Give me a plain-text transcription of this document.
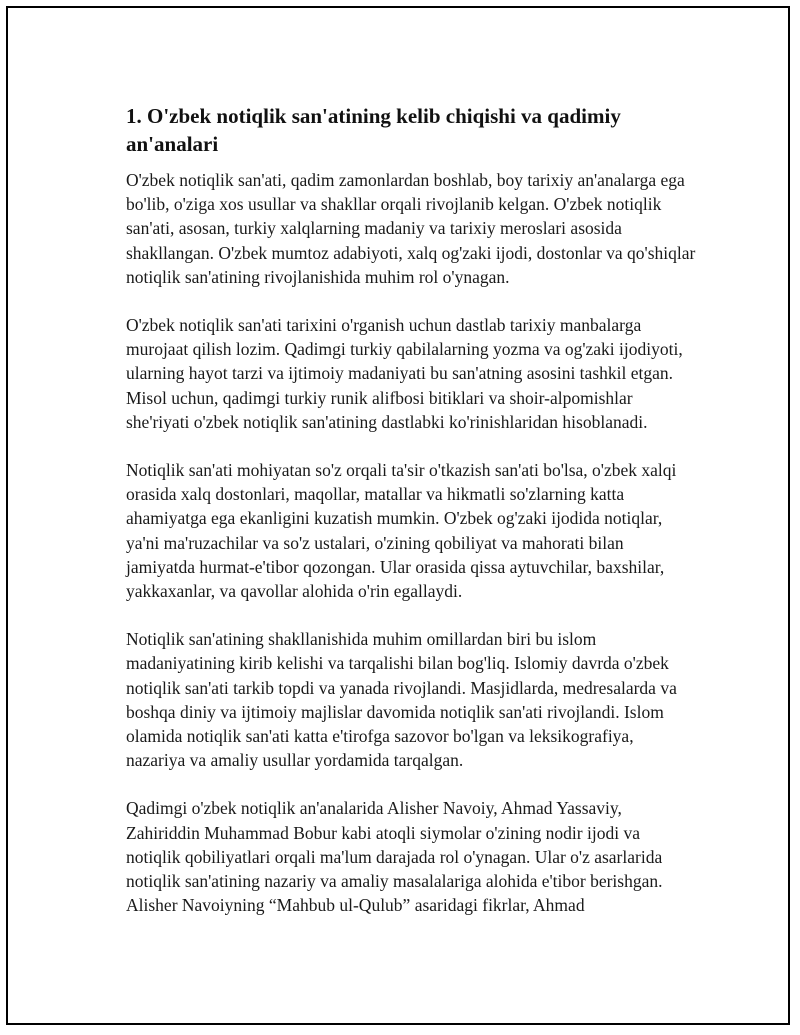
1. O'zbek notiqlik san'atining kelib chiqishi va qadimiy an'analari

O'zbek notiqlik san'ati, qadim zamonlardan boshlab, boy tarixiy an'analarga ega bo'lib, o'ziga xos usullar va shakllar orqali rivojlanib kelgan. O'zbek notiqlik san'ati, asosan, turkiy xalqlarning madaniy va tarixiy meroslari asosida shakllangan. O'zbek mumtoz adabiyoti, xalq og'zaki ijodi, dostonlar va qo'shiqlar notiqlik san'atining rivojlanishida muhim rol o'ynagan.

O'zbek notiqlik san'ati tarixini o'rganish uchun dastlab tarixiy manbalarga murojaat qilish lozim. Qadimgi turkiy qabilalarning yozma va og'zaki ijodiyoti, ularning hayot tarzi va ijtimoiy madaniyati bu san'atning asosini tashkil etgan. Misol uchun, qadimgi turkiy runik alifbosi bitiklari va shoir-alpomishlar she'riyati o'zbek notiqlik san'atining dastlabki ko'rinishlaridan hisoblanadi.

Notiqlik san'ati mohiyatan so'z orqali ta'sir o'tkazish san'ati bo'lsa, o'zbek xalqi orasida xalq dostonlari, maqollar, matallar va hikmatli so'zlarning katta ahamiyatga ega ekanligini kuzatish mumkin. O'zbek og'zaki ijodida notiqlar, ya'ni ma'ruzachilar va so'z ustalari, o'zining qobiliyat va mahorati bilan jamiyatda hurmat-e'tibor qozongan. Ular orasida qissa aytuvchilar, baxshilar, yakkaxanlar, va qavollar alohida o'rin egallaydi.

Notiqlik san'atining shakllanishida muhim omillardan biri bu islom madaniyatining kirib kelishi va tarqalishi bilan bog'liq. Islomiy davrda o'zbek notiqlik san'ati tarkib topdi va yanada rivojlandi. Masjidlarda, medresalarda va boshqa diniy va ijtimoiy majlislar davomida notiqlik san'ati rivojlandi. Islom olamida notiqlik san'ati katta e'tirofga sazovor bo'lgan va leksikografiya, nazariya va amaliy usullar yordamida tarqalgan.

Qadimgi o'zbek notiqlik an'analarida Alisher Navoiy, Ahmad Yassaviy, Zahiriddin Muhammad Bobur kabi atoqli siymolar o'zining nodir ijodi va notiqlik qobiliyatlari orqali ma'lum darajada rol o'ynagan. Ular o'z asarlarida notiqlik san'atining nazariy va amaliy masalalariga alohida e'tibor berishgan. Alisher Navoiyning “Mahbub ul-Qulub” asaridagi fikrlar, Ahmad
